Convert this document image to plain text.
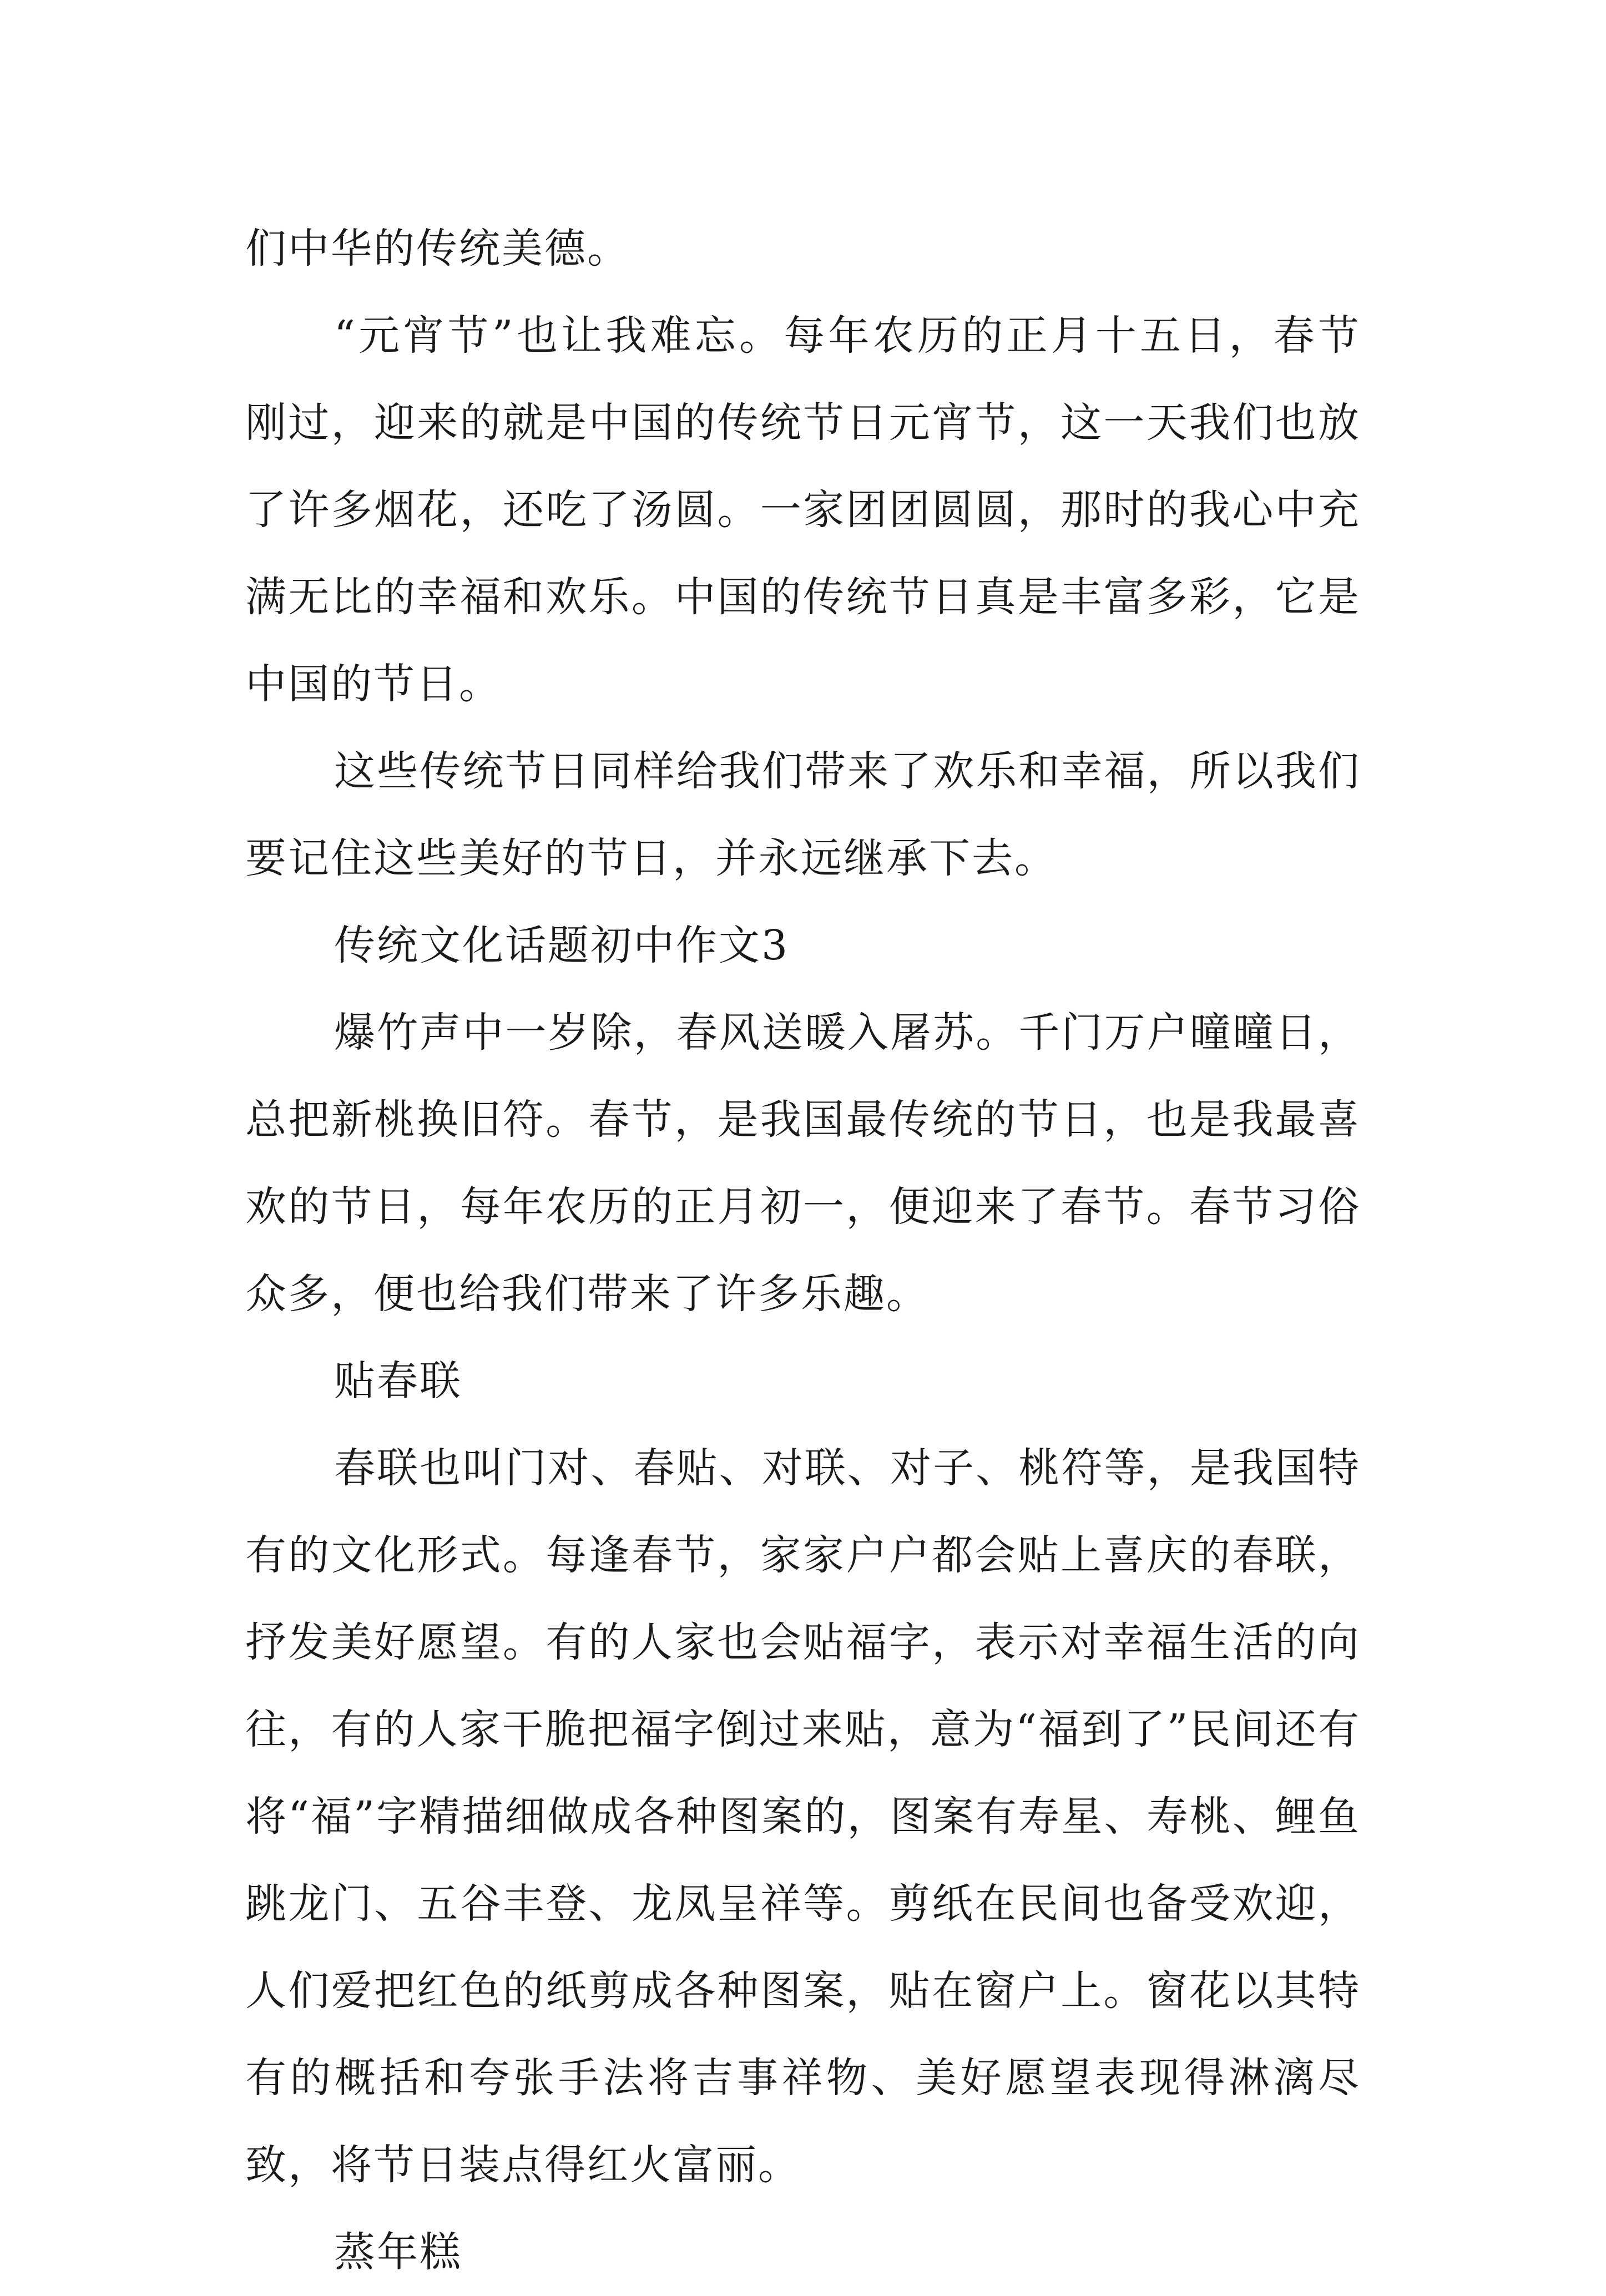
们中华的传统美德。

“元宵节”也让我难忘。每年农历的正月十五日，春节刚过，迎来的就是中国的传统节日元宵节，这一天我们也放了许多烟花，还吃了汤圆。一家团团圆圆，那时的我心中充满无比的幸福和欢乐。中国的传统节日真是丰富多彩，它是中国的节日。

这些传统节日同样给我们带来了欢乐和幸福，所以我们要记住这些美好的节日，并永远继承下去。

传统文化话题初中作文3

爆竹声中一岁除，春风送暖入屠苏。千门万户曈曈日，总把新桃换旧符。春节，是我国最传统的节日，也是我最喜欢的节日，每年农历的正月初一，便迎来了春节。春节习俗众多，便也给我们带来了许多乐趣。

贴春联

春联也叫门对、春贴、对联、对子、桃符等，是我国特有的文化形式。每逢春节，家家户户都会贴上喜庆的春联，抒发美好愿望。有的人家也会贴福字，表示对幸福生活的向往，有的人家干脆把福字倒过来贴，意为“福到了”民间还有将“福”字精描细做成各种图案的，图案有寿星、寿桃、鲤鱼跳龙门、五谷丰登、龙凤呈祥等。剪纸在民间也备受欢迎，人们爱把红色的纸剪成各种图案，贴在窗户上。窗花以其特有的概括和夸张手法将吉事祥物、美好愿望表现得淋漓尽致，将节日装点得红火富丽。

蒸年糕
